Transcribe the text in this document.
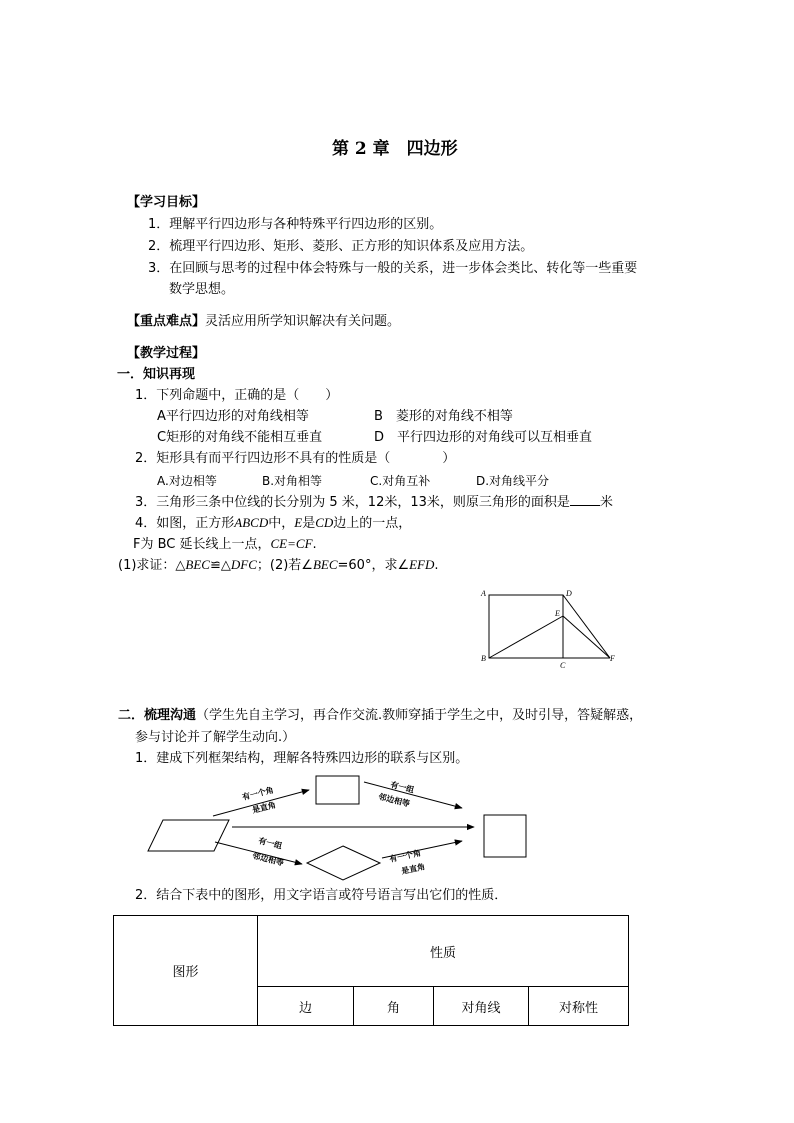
第 2 章　四边形
【学习目标】
1．理解平行四边形与各种特殊平行四边形的区别。
2．梳理平行四边形、矩形、菱形、正方形的知识体系及应用方法。
3．在回顾与思考的过程中体会特殊与一般的关系，进一步体会类比、转化等一些重要
数学思想。
【重点难点】灵活应用所学知识解决有关问题。
【教学过程】
一．知识再现
1．下列命题中，正确的是（　　）
A平行四边形的对角线相等	B　菱形的对角线不相等
C矩形的对角线不能相互垂直	D　平行四边形的对角线可以互相垂直
2．矩形具有而平行四边形不具有的性质是（　　　　）
A.对边相等	B.对角相等	C.对角互补	D.对角线平分
3．三角形三条中位线的长分别为 5 米，12米，13米，则原三角形的面积是 米
4．如图，正方形ABCD中，E是CD边上的一点，
F为 BC 延长线上一点，CE=CF.
(1)求证：△BEC≌△DFC；(2)若∠BEC=60°，求∠EFD.
A
B
C
D
E
F
二．梳理沟通（学生先自主学习，再合作交流.教师穿插于学生之中，及时引导，答疑解惑，
参与讨论并了解学生动向.）
1．建成下列框架结构，理解各特殊四边形的联系与区别。
有一个角
是直角
有一组
邻边相等
有一组
邻边相等	有一个角
是直角
2．结合下表中的图形，用文字语言或符号语言写出它们的性质．
图形	性质			
	边	角	对角线	对称性
